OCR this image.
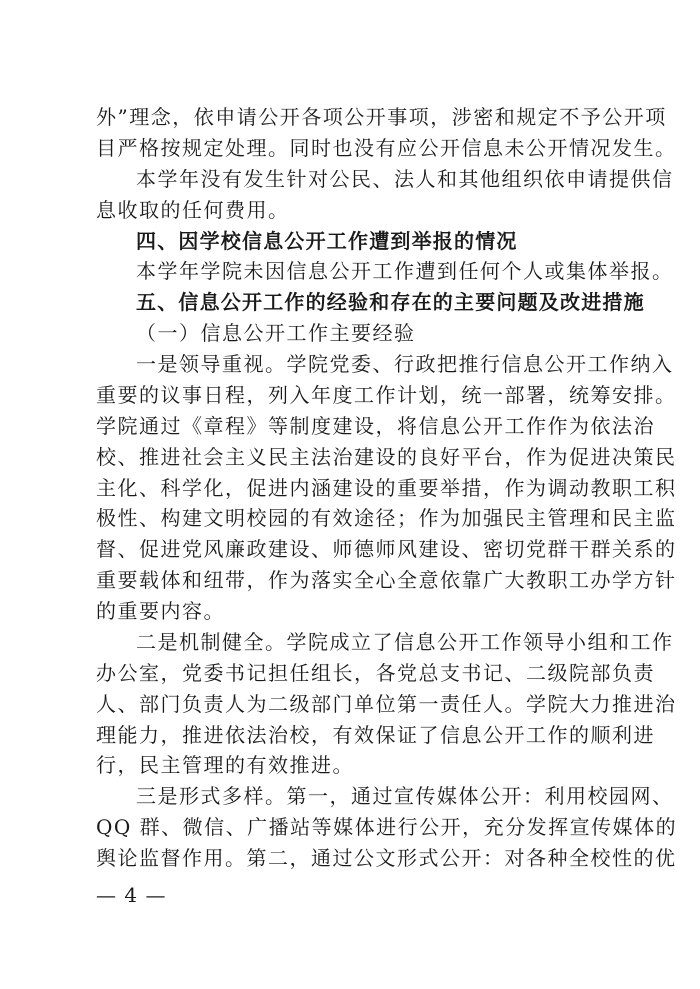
外”理念，依申请公开各项公开事项，涉密和规定不予公开项
目严格按规定处理。同时也没有应公开信息未公开情况发生。
本学年没有发生针对公民、法人和其他组织依申请提供信
息收取的任何费用。
四、因学校信息公开工作遭到举报的情况
本学年学院未因信息公开工作遭到任何个人或集体举报。
五、信息公开工作的经验和存在的主要问题及改进措施
（一）信息公开工作主要经验
一是领导重视。学院党委、行政把推行信息公开工作纳入
重要的议事日程，列入年度工作计划，统一部署，统筹安排。
学院通过《章程》等制度建设，将信息公开工作作为依法治
校、推进社会主义民主法治建设的良好平台，作为促进决策民
主化、科学化，促进内涵建设的重要举措，作为调动教职工积
极性、构建文明校园的有效途径；作为加强民主管理和民主监
督、促进党风廉政建设、师德师风建设、密切党群干群关系的
重要载体和纽带，作为落实全心全意依靠广大教职工办学方针
的重要内容。
二是机制健全。学院成立了信息公开工作领导小组和工作
办公室，党委书记担任组长，各党总支书记、二级院部负责
人、部门负责人为二级部门单位第一责任人。学院大力推进治
理能力，推进依法治校，有效保证了信息公开工作的顺利进
行，民主管理的有效推进。
三是形式多样。第一，通过宣传媒体公开：利用校园网、
QQ 群、微信、广播站等媒体进行公开，充分发挥宣传媒体的
舆论监督作用。第二，通过公文形式公开：对各种全校性的优
— 4 —
